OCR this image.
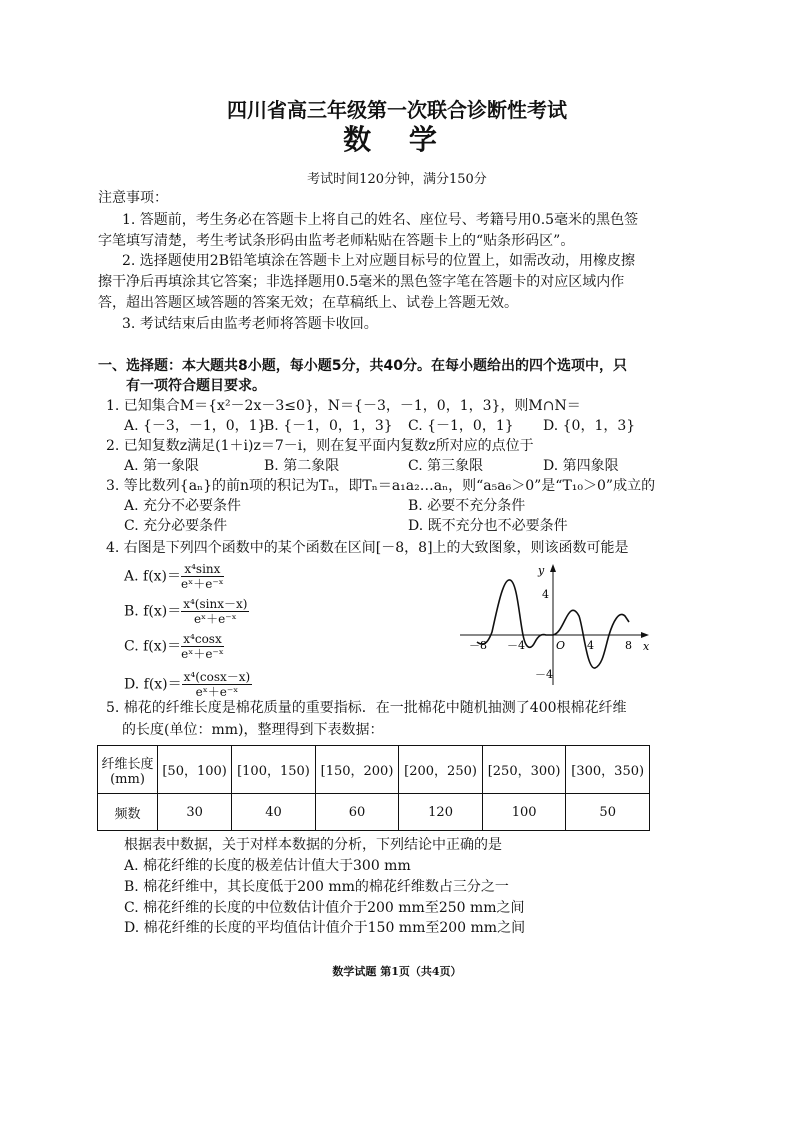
四川省高三年级第一次联合诊断性考试
数 学
考试时间120分钟，满分150分
注意事项：
1. 答题前，考生务必在答题卡上将自己的姓名、座位号、考籍号用0.5毫米的黑色签
字笔填写清楚，考生考试条形码由监考老师粘贴在答题卡上的“贴条形码区”。
2. 选择题使用2B铅笔填涂在答题卡上对应题目标号的位置上，如需改动，用橡皮擦
擦干净后再填涂其它答案；非选择题用0.5毫米的黑色签字笔在答题卡的对应区域内作
答，超出答题区域答题的答案无效；在草稿纸上、试卷上答题无效。
3. 考试结束后由监考老师将答题卡收回。
一、选择题：本大题共8小题，每小题5分，共40分。在每小题给出的四个选项中，只
有一项符合题目要求。
1. 已知集合M＝{x²－2x－3≤0}，N＝{－3，－1，0，1，3}，则M∩N＝
A. {－3，－1，0，1}
B. {－1，0，1，3} C. {－1，0，1} D. {0，1，3}
2. 已知复数z满足(1＋i)z＝7－i，则在复平面内复数z所对应的点位于
A. 第一象限	B. 第二象限	C. 第三象限	D. 第四象限
3. 等比数列{aₙ}的前n项的积记为Tₙ，即Tₙ＝a₁a₂…aₙ，则“a₅a₆＞0”是“T₁₀＞0”成立的
A. 充分不必要条件	B. 必要不充分条件
C. 充分必要条件	D. 既不充分也不必要条件
4. 右图是下列四个函数中的某个函数在区间[－8，8]上的大致图象，则该函数可能是
A. $f(x)= \frac{\text{x⁴sinx}}{\text{eˣ＋e⁻ˣ}}$
B. $f(x)= \frac{\text{x⁴(sinx－x)}}{\text{eˣ＋e⁻ˣ}}$
C. $f(x)= \frac{\text{x⁴cosx}}{\text{eˣ＋e⁻ˣ}}$
D. $f(x)= \frac{\text{x⁴(cosx－x)}}{\text{eˣ＋e⁻ˣ}}$
y
x
O
－8 －4	4	8
4
－4
5. 棉花的纤维长度是棉花质量的重要指标．在一批棉花中随机抽测了400根棉花纤维
的长度(单位：mm)，整理得到下表数据：
纤维长度
(mm)	[50，100)	[100，150)	[150，200)	[200，250)	[250，300)	[300，350)
频数	30	40	60	120	100	50
根据表中数据，关于对样本数据的分析，下列结论中正确的是
A. 棉花纤维的长度的极差估计值大于300 mm
B. 棉花纤维中，其长度低于200 mm的棉花纤维数占三分之一
C. 棉花纤维的长度的中位数估计值介于200 mm至250 mm之间
D. 棉花纤维的长度的平均值估计值介于150 mm至200 mm之间
数学试题 第1页（共4页）
